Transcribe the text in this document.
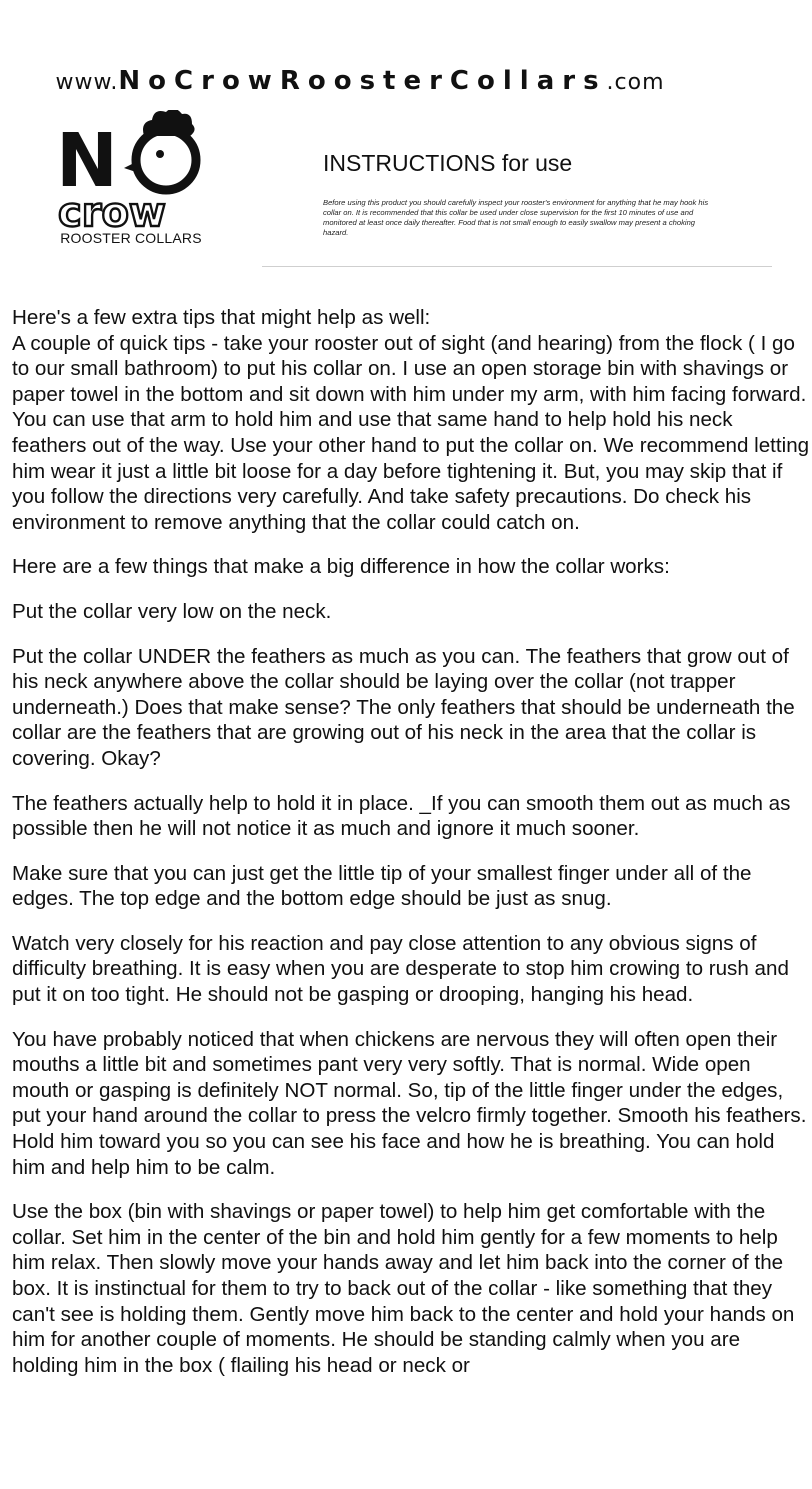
www.NoCrowRoosterCollars.com
N
crow
ROOSTER COLLARS
INSTRUCTIONS for use
Before using this product you should carefully inspect your rooster's environment for anything that he may hook his collar on. It is recommended that this collar be used under close supervision for the first 10 minutes of use and monitored at least once daily thereafter. Food that is not small enough to easily swallow may present a choking hazard.

Here's a few extra tips that might help as well:

A couple of quick tips - take your rooster out of sight (and hearing) from the flock ( I go to our small bathroom) to put his collar on. I use an open storage bin with shavings or paper towel in the bottom and sit down with him under my arm, with him facing forward. You can use that arm to hold him and use that same hand to help hold his neck feathers out of the way. Use your other hand to put the collar on. We recommend letting him wear it just a little bit loose for a day before tightening it. But, you may skip that if you follow the directions very carefully. And take safety precautions. Do check his environment to remove anything that the collar could catch on.

Here are a few things that make a big difference in how the collar works:

Put the collar very low on the neck.

Put the collar UNDER the feathers as much as you can. The feathers that grow out of his neck anywhere above the collar should be laying over the collar (not trapper underneath.) Does that make sense? The only feathers that should be underneath the collar are the feathers that are growing out of his neck in the area that the collar is covering. Okay?

The feathers actually help to hold it in place. _If you can smooth them out as much as possible then he will not notice it as much and ignore it much sooner.

Make sure that you can just get the little tip of your smallest finger under all of the edges. The top edge and the bottom edge should be just as snug.

Watch very closely for his reaction and pay close attention to any obvious signs of difficulty breathing. It is easy when you are desperate to stop him crowing to rush and put it on too tight. He should not be gasping or drooping, hanging his head.

You have probably noticed that when chickens are nervous they will often open their mouths a little bit and sometimes pant very very softly. That is normal. Wide open mouth or gasping is definitely NOT normal. So, tip of the little finger under the edges, put your hand around the collar to press the velcro firmly together. Smooth his feathers. Hold him toward you so you can see his face and how he is breathing. You can hold him and help him to be calm.

Use the box (bin with shavings or paper towel) to help him get comfortable with the collar. Set him in the center of the bin and hold him gently for a few moments to help him relax. Then slowly move your hands away and let him back into the corner of the box. It is instinctual for them to try to back out of the collar - like something that they can't see is holding them. Gently move him back to the center and hold your hands on him for another couple of moments. He should be standing calmly when you are holding him in the box ( flailing his head or neck or
